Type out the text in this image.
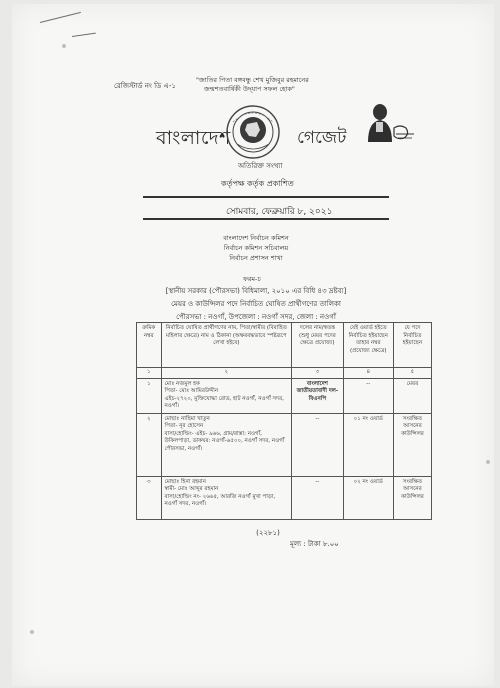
রেজিস্টার্ড নং ডি এ-১
"জাতির পিতা বঙ্গবন্ধু শেখ মুজিবুর রহমানের
জন্মশতবার্ষিকী উদ্‌যাপ সফল হোক"
বাংলাদেশ	গেজেট
অতিরিক্ত সংখ্যা
কর্তৃপক্ষ কর্তৃক প্রকাশিত
সোমবার, ফেব্রুয়ারি ৮, ২০২১
বাংলাদেশ নির্বাচন কমিশন
নির্বাচন কমিশন সচিবালয়
নির্বাচন প্রশাসন শাখা
ফরম-চ
[স্থানীয় সরকার (পৌরসভা) বিধিমালা, ২০১০ এর বিধি ৪৩ দ্রষ্টব্য]
মেয়র ও কাউন্সিলর পদে নির্বাচিত ঘোষিত প্রার্থীগণের তালিকা
পৌরসভা : নওগাঁ, উপজেলা : নওগাঁ সদর, জেলা : নওগাঁ
ক্রমিক নম্বর	নির্বাচিত ঘোষিত প্রার্থীগণের নাম, পিতা/স্বামীর (বিবাহিত মহিলার ক্ষেত্রে) নাম ও ঠিকানা (অক্ষরবদ্ধভাবে স্পষ্টরূপে লেখা হইবে)	দলের নাম/স্বতন্ত্র (শুধু মেয়র পদের ক্ষেত্রে প্রযোজ্য)	যেই ওয়ার্ড হইতে নির্বাচিত হইয়াছেন তাহার নম্বর (প্রযোজ্য ক্ষেত্রে)	যে পদে নির্বাচিত হইয়াছেন
১	২	৩	৪	৫
১	মোঃ নজমুল হক
পিতা- মোঃ আমিরউদ্দীন
এইচ-২৭২০, মুক্তিযোদ্ধা রোড, হাট নওগাঁ, নওগাঁ সদর, নওগাঁ।	বাংলাদেশ জাতীয়তাবাদী দল-বিএনপি	--	মেয়র
২	মোছাঃ নাছিমা খাতুন
পিতা- নূর হোসেন
বাসা/হোল্ডিং- এইচ- ৯৬৬, গ্রাম/রাস্তা: নওগাঁ, উকিলপাড়া, ডাকঘর: নওগাঁ-৬৫০০, নওগাঁ সদর, নওগাঁ পৌরসভা, নওগাঁ।	--	০১ নং ওয়ার্ড	সংরক্ষিত আসনের কাউন্সিলর
৩	মোছাঃ হিনা রহমান
স্বামী- মোঃ আব্দুর রহমান
বাসা/হোল্ডিং নং- ২৬৬৫, আরজি নওগাঁ মুখা পাড়া, নওগাঁ সদর, নওগাঁ।	--	০২ নং ওয়ার্ড	সংরক্ষিত আসনের কাউন্সিলর
(২২৮১)
মূল্য : টাকা ৮.০০
